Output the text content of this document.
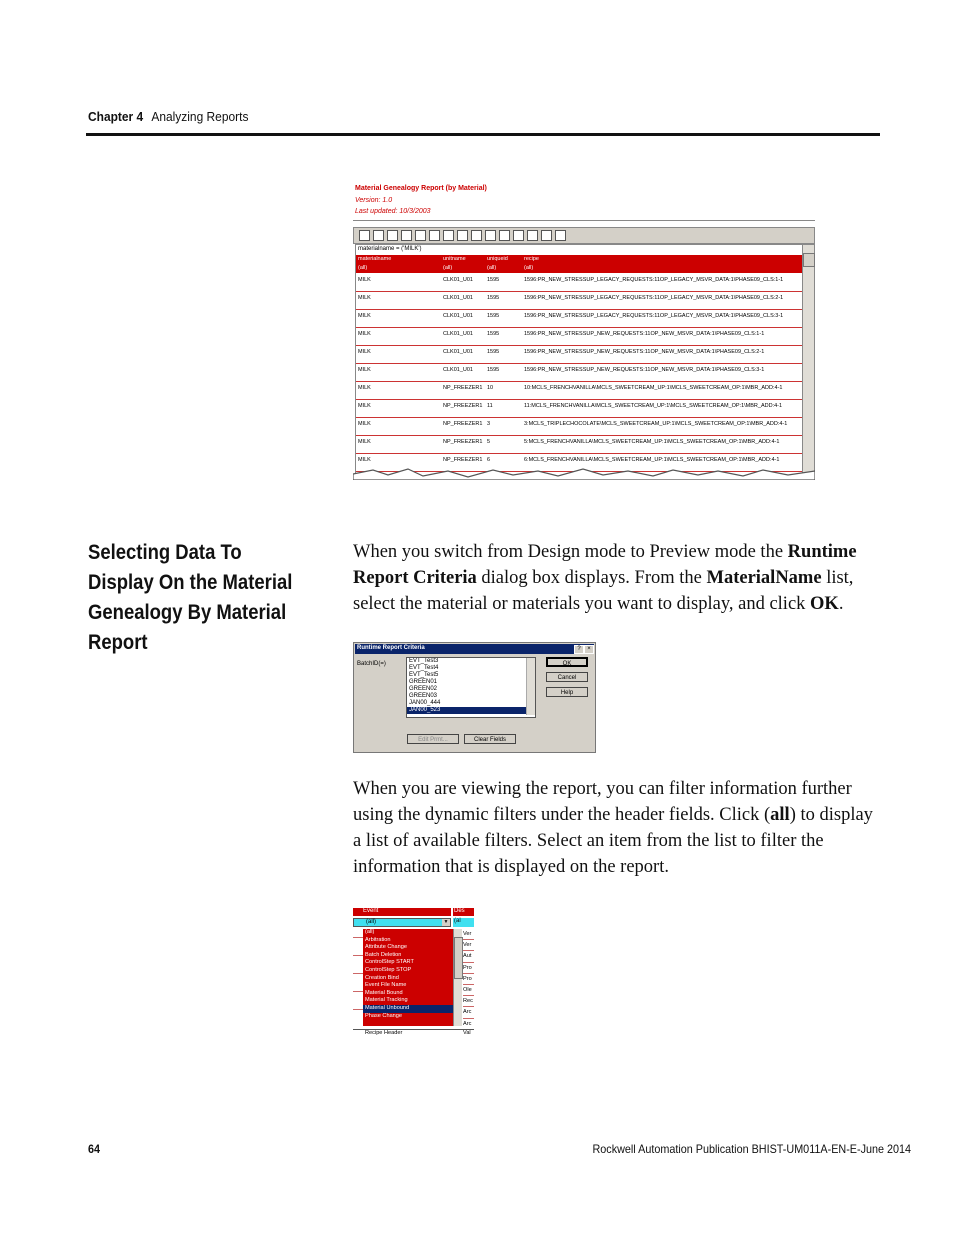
Chapter 4 Analyzing Reports
Material Genealogy Report (by Material)
Version: 1.0
Last updated: 10/3/2003
materialname = ('MILK')
materialname	unitname	uniqueid	recipe
(all)	(all)	(all)	(all)
MILK	CLK01_U01	1595	1596:PR_NEW_STRESSUP_LEGACY_REQUESTS:11OP_LEGACY_MSVR_DATA:1\PHASE09_CLS:1-1
MILK	CLK01_U01	1595	1596:PR_NEW_STRESSUP_LEGACY_REQUESTS:11OP_LEGACY_MSVR_DATA:1\PHASE09_CLS:2-1
MILK	CLK01_U01	1595	1596:PR_NEW_STRESSUP_LEGACY_REQUESTS:11OP_LEGACY_MSVR_DATA:1\PHASE09_CLS:3-1
MILK	CLK01_U01	1595	1596:PR_NEW_STRESSUP_NEW_REQUESTS:11OP_NEW_MSVR_DATA:1\PHASE09_CLS:1-1
MILK	CLK01_U01	1595	1596:PR_NEW_STRESSUP_NEW_REQUESTS:11OP_NEW_MSVR_DATA:1\PHASE09_CLS:2-1
MILK	CLK01_U01	1595	1596:PR_NEW_STRESSUP_NEW_REQUESTS:11OP_NEW_MSVR_DATA:1\PHASE09_CLS:3-1
MILK	NP_FREEZER1 10	10:MCLS_FRENCHVANILLA\MCLS_SWEETCREAM_UP:1\MCLS_SWEETCREAM_OP:1\MBR_ADD:4-1
MILK	NP_FREEZER1 11	11:MCLS_FRENCHVANILLA\MCLS_SWEETCREAM_UP:1\MCLS_SWEETCREAM_OP:1\MBR_ADD:4-1
MILK	NP_FREEZER1 3	3:MCLS_TRIPLECHOCOLATE\MCLS_SWEETCREAM_UP:1\MCLS_SWEETCREAM_OP:1\MBR_ADD:4-1
MILK	NP_FREEZER1 5	5:MCLS_FRENCHVANILLA\MCLS_SWEETCREAM_UP:1\MCLS_SWEETCREAM_OP:1\MBR_ADD:4-1
MILK	NP_FREEZER1 6	6:MCLS_FRENCHVANILLA\MCLS_SWEETCREAM_UP:1\MCLS_SWEETCREAM_OP:1\MBR_ADD:4-1
Selecting Data To Display On the Material Genealogy By Material Report
When you switch from Design mode to Preview mode the Runtime Report Criteria dialog box displays. From the MaterialName list, select the material or materials you want to display, and click OK.
Runtime Report Criteria	?	×
BatchID(=)	EVT_Test3
EVT_Test4
EVT_Test5
GREEN01
GREEN02
GREEN03
JAN00_444
JAN00_523
OK
Cancel
Help
Edit Prmt...	Clear Fields
When you are viewing the report, you can filter information further using the dynamic filters under the header fields. Click (all) to display a list of available filters. Select an item from the list to filter the information that is displayed on the report.
Event	Des
(all)	▼ (al
(all)
Arbitration
Attribute Change
Batch Deletion
ControlStep START
ControlStep STOP
Creation Bind
Event File Name
Material Bound
Material Tracking
Material Unbound
Phase Change
Ver
Ver
Aut
Pro
Pro
Ole
Rec
Arc
Arc
Recipe Header	Val
64	Rockwell Automation Publication BHIST-UM011A-EN-E-June 2014
